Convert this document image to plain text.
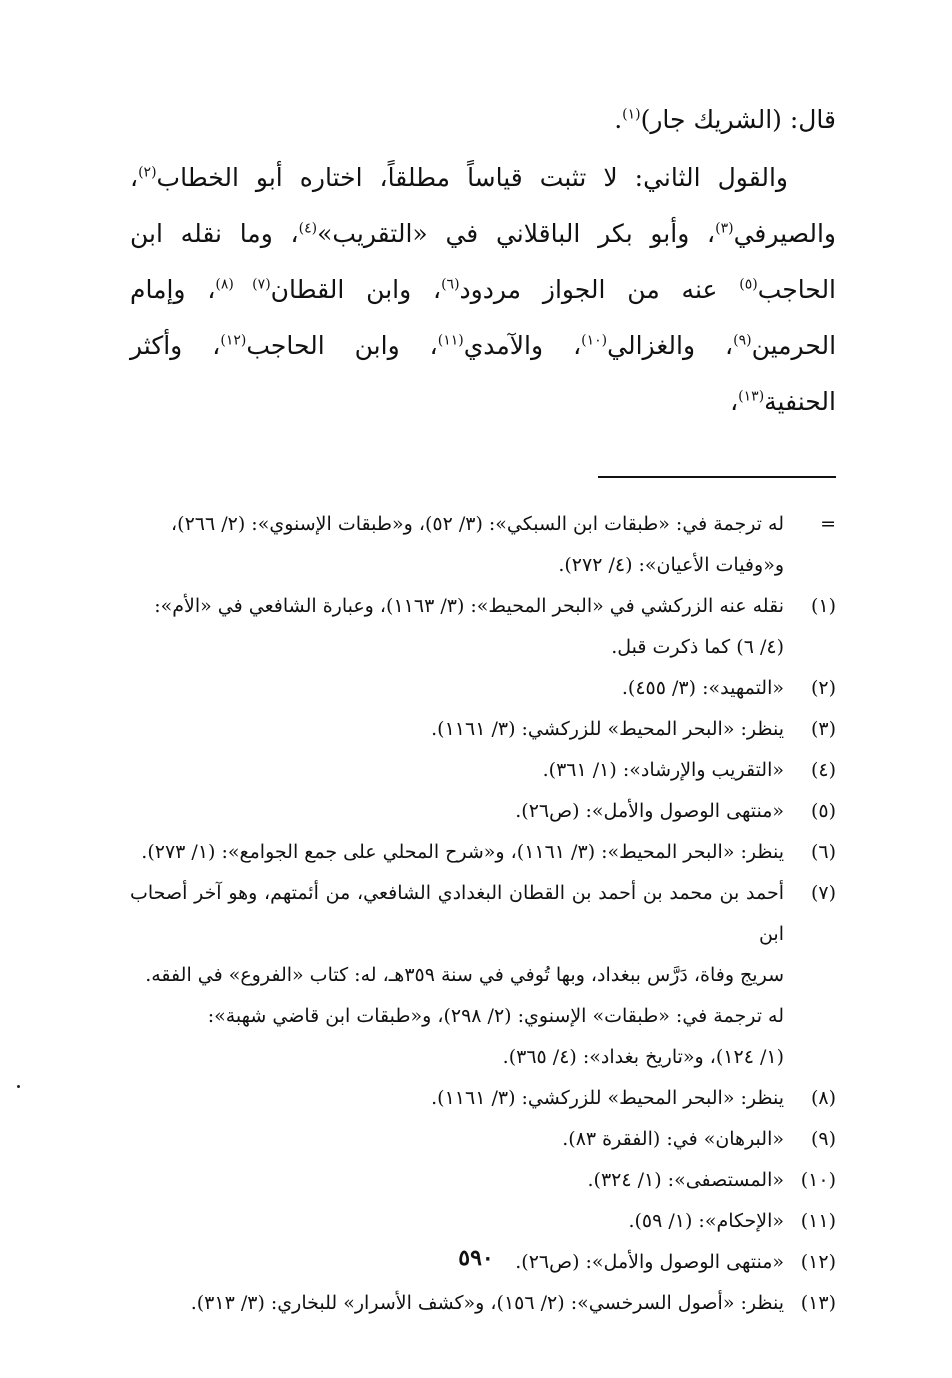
قال: (الشريك جار)$^{(١)}$.

والقول الثاني: لا تثبت قياساً مطلقاً، اختاره أبو الخطاب$^{(٢)}$، والصيرفي$^{(٣)}$، وأبو بكر الباقلاني في «التقريب»$^{(٤)}$، وما نقله ابن الحاجب$^{(٥)}$ عنه من الجواز مردود$^{(٦)}$، وابن القطان$^{(٧) (٨)}$، وإمام الحرمين$^{(٩)}$، والغزالي$^{(١٠)}$، والآمدي$^{(١١)}$، وابن الحاجب$^{(١٢)}$، وأكثر الحنفية$^{(١٣)}$،

=
له ترجمة في: «طبقات ابن السبكي»: (٣/ ٥٢)، و«طبقات الإسنوي»: (٢/ ٢٦٦)،
و«وفيات الأعيان»: (٤/ ٢٧٢).
(١)
نقله عنه الزركشي في «البحر المحيط»: (٣/ ١١٦٣)، وعبارة الشافعي في «الأم»:
(٤/ ٦) كما ذكرت قبل.
(٢)
«التمهيد»: (٣/ ٤٥٥).
(٣)
ينظر: «البحر المحيط» للزركشي: (٣/ ١١٦١).
(٤)
«التقريب والإرشاد»: (١/ ٣٦١).
(٥)
«منتهى الوصول والأمل»: (ص٢٦).
(٦)
ينظر: «البحر المحيط»: (٣/ ١١٦١)، و«شرح المحلي على جمع الجوامع»: (١/ ٢٧٣).
(٧)
أحمد بن محمد بن أحمد بن القطان البغدادي الشافعي، من أئمتهم، وهو آخر أصحاب ابن
سريج وفاة، دَرَّس ببغداد، وبها تُوفي في سنة ٣٥٩هـ، له: كتاب «الفروع» في الفقه.
له ترجمة في: «طبقات» الإسنوي: (٢/ ٢٩٨)، و«طبقات ابن قاضي شهبة»:
(١/ ١٢٤)، و«تاريخ بغداد»: (٤/ ٣٦٥).
(٨)
ينظر: «البحر المحيط» للزركشي: (٣/ ١١٦١).
(٩)
«البرهان» في: (الفقرة ٨٣).
(١٠)
«المستصفى»: (١/ ٣٢٤).
(١١)
«الإحكام»: (١/ ٥٩).
(١٢)
«منتهى الوصول والأمل»: (ص٢٦).
(١٣)
ينظر: «أصول السرخسي»: (٢/ ١٥٦)، و«كشف الأسرار» للبخاري: (٣/ ٣١٣).
٥٩٠
